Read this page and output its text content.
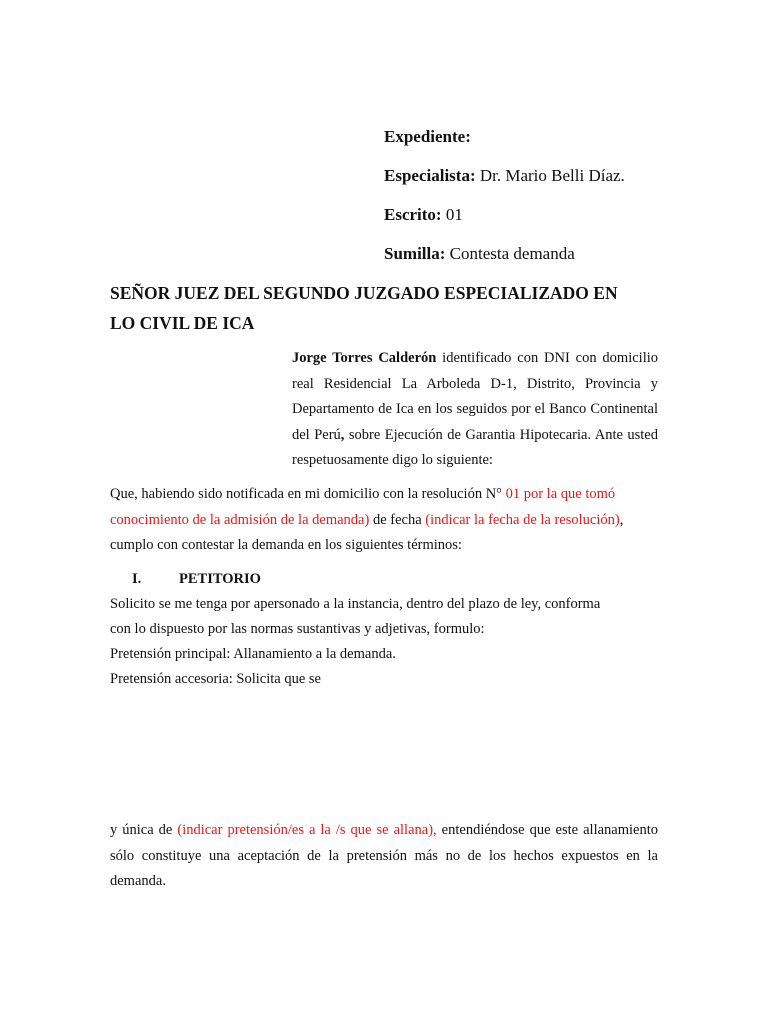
Expediente:
Especialista: Dr. Mario Belli Díaz.
Escrito: 01
Sumilla: Contesta demanda
SEÑOR JUEZ DEL SEGUNDO JUZGADO ESPECIALIZADO EN
LO CIVIL DE ICA
Jorge Torres Calderón identificado con DNI con domicilio real Residencial La Arboleda D-1, Distrito, Provincia y Departamento de Ica en los seguidos por el Banco Continental del Perú, sobre Ejecución de Garantia Hipotecaria. Ante usted respetuosamente digo lo siguiente:
Que, habiendo sido notificada en mi domicilio con la resolución N° 01 por la que tomó conocimiento de la admisión de la demanda) de fecha (indicar la fecha de la resolución), cumplo con contestar la demanda en los siguientes términos:
I.	PETITORIO
Solicito se me tenga por apersonado a la instancia, dentro del plazo de ley, conforma
con lo dispuesto por las normas sustantivas y adjetivas, formulo:
Pretensión principal: Allanamiento a la demanda.
Pretensión accesoria: Solicita que se
y única de (indicar pretensión/es a la /s que se allana), entendiéndose que este allanamiento sólo constituye una aceptación de la pretensión más no de los hechos expuestos en la demanda.
